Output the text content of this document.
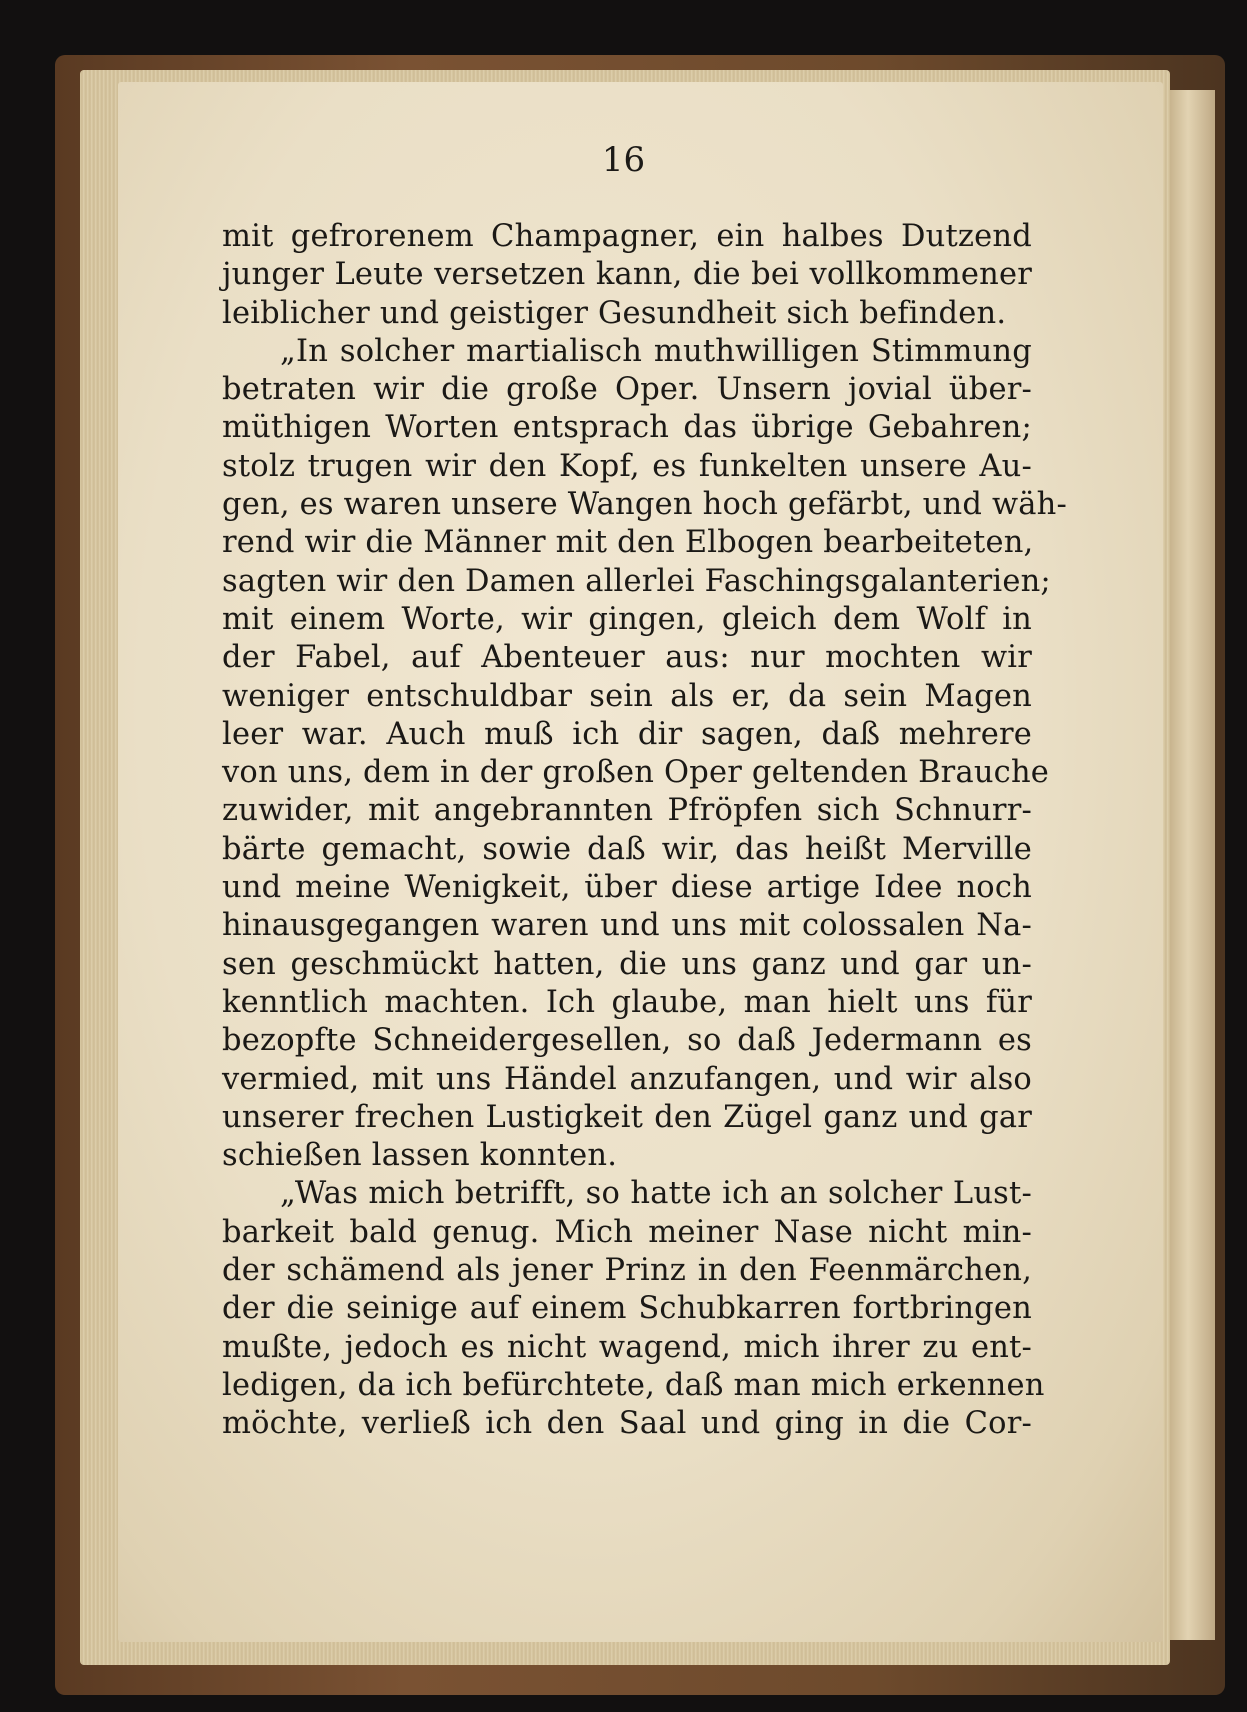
16
mit gefrorenem Champagner, ein halbes Dutzend
junger Leute versetzen kann, die bei vollkommener
leiblicher und geistiger Gesundheit sich befinden.
„In solcher martialisch muthwilligen Stimmung
betraten wir die große Oper. Unsern jovial über-
müthigen Worten entsprach das übrige Gebahren;
stolz trugen wir den Kopf, es funkelten unsere Au-
gen, es waren unsere Wangen hoch gefärbt, und wäh-
rend wir die Männer mit den Elbogen bearbeiteten,
sagten wir den Damen allerlei Faschingsgalanterien;
mit einem Worte, wir gingen, gleich dem Wolf in
der Fabel, auf Abenteuer aus: nur mochten wir
weniger entschuldbar sein als er, da sein Magen
leer war. Auch muß ich dir sagen, daß mehrere
von uns, dem in der großen Oper geltenden Brauche
zuwider, mit angebrannten Pfröpfen sich Schnurr-
bärte gemacht, sowie daß wir, das heißt Merville
und meine Wenigkeit, über diese artige Idee noch
hinausgegangen waren und uns mit colossalen Na-
sen geschmückt hatten, die uns ganz und gar un-
kenntlich machten. Ich glaube, man hielt uns für
bezopfte Schneidergesellen, so daß Jedermann es
vermied, mit uns Händel anzufangen, und wir also
unserer frechen Lustigkeit den Zügel ganz und gar
schießen lassen konnten.
„Was mich betrifft, so hatte ich an solcher Lust-
barkeit bald genug. Mich meiner Nase nicht min-
der schämend als jener Prinz in den Feenmärchen,
der die seinige auf einem Schubkarren fortbringen
mußte, jedoch es nicht wagend, mich ihrer zu ent-
ledigen, da ich befürchtete, daß man mich erkennen
möchte, verließ ich den Saal und ging in die Cor-
